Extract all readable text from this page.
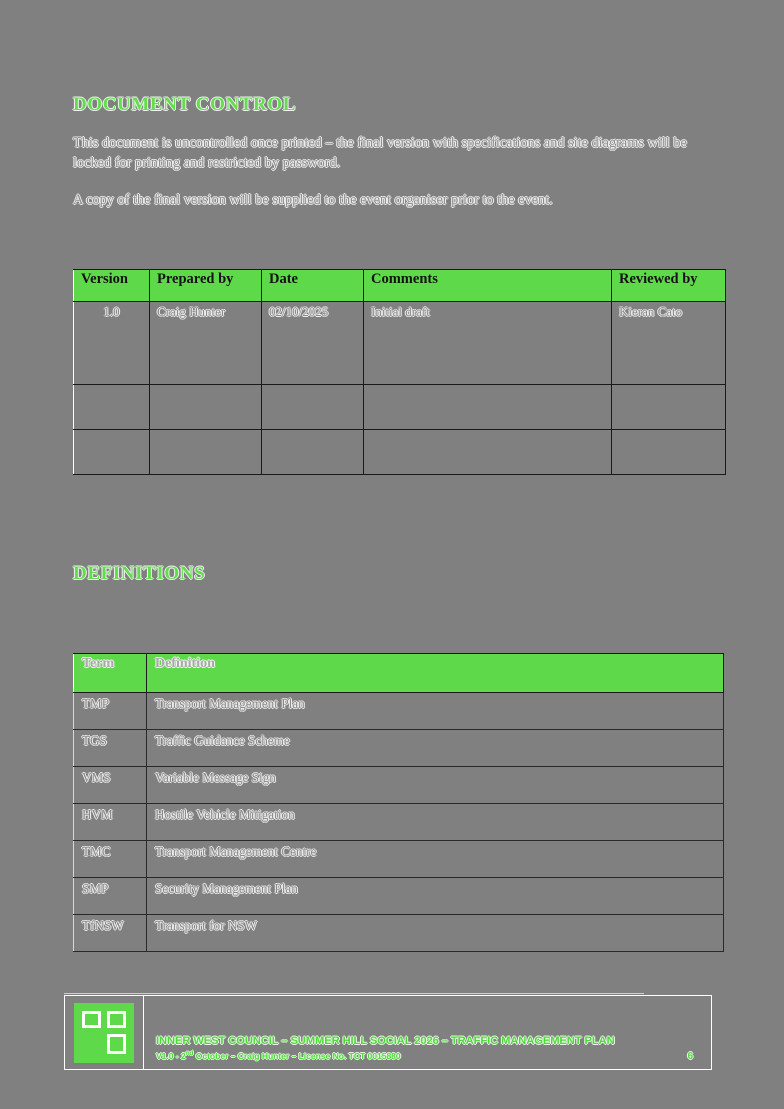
DOCUMENT CONTROL
This document is uncontrolled once printed – the final version with specifications and site diagrams will be locked for printing and restricted by password.
A copy of the final version will be supplied to the event organiser prior to the event.
Version	Prepared by	Date	Comments	Reviewed by
1.0	Craig Hunter	02/10/2025	Initial draft	Kieran Cato

DEFINITIONS
Term	Definition
TMP	Transport Management Plan
TGS	Traffic Guidance Scheme
VMS	Variable Message Sign
HVM	Hostile Vehicle Mitigation
TMC	Transport Management Centre
SMP	Security Management Plan
TfNSW	Transport for NSW
INNER WEST COUNCIL – SUMMER HILL SOCIAL 2026 – TRAFFIC MANAGEMENT PLAN
V1.0 - 2nd October – Craig Hunter – License No. TCT 0015880	6
